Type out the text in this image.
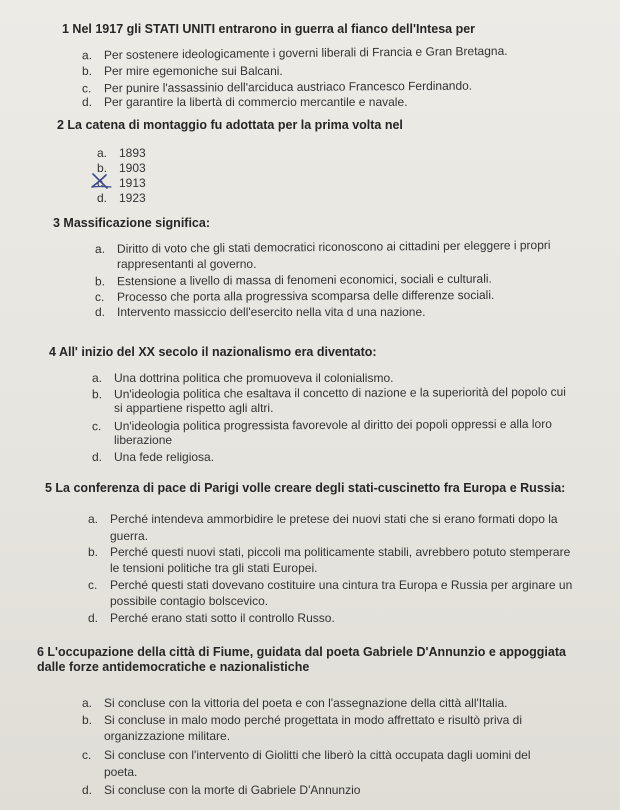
1 Nel 1917 gli STATI UNITI entrarono in guerra al fianco dell'Intesa per
a. Per sostenere ideologicamente i governi liberali di Francia e Gran Bretagna.
b. Per mire egemoniche sui Balcani.
c. Per punire l'assassinio dell'arciduca austriaco Francesco Ferdinando.
d. Per garantire la libertà di commercio mercantile e navale.
2 La catena di montaggio fu adottata per la prima volta nel
a. 1893
b. 1903
c. 1913
d. 1923
3 Massificazione significa:
a. Diritto di voto che gli stati democratici riconoscono ai cittadini per eleggere i propri
rappresentanti al governo.
b. Estensione a livello di massa di fenomeni economici, sociali e culturali.
c. Processo che porta alla progressiva scomparsa delle differenze sociali.
d. Intervento massiccio dell'esercito nella vita d una nazione.
4 All' inizio del XX secolo il nazionalismo era diventato:
a. Una dottrina politica che promuoveva il colonialismo.
b. Un'ideologia politica che esaltava il concetto di nazione e la superiorità del popolo cui
si appartiene rispetto agli altri.
c. Un'ideologia politica progressista favorevole al diritto dei popoli oppressi e alla loro
liberazione
d. Una fede religiosa.
5 La conferenza di pace di Parigi volle creare degli stati-cuscinetto fra Europa e Russia:
a. Perché intendeva ammorbidire le pretese dei nuovi stati che si erano formati dopo la
guerra.
b. Perché questi nuovi stati, piccoli ma politicamente stabili, avrebbero potuto stemperare
le tensioni politiche tra gli stati Europei.
c. Perché questi stati dovevano costituire una cintura tra Europa e Russia per arginare un
possibile contagio bolscevico.
d. Perché erano stati sotto il controllo Russo.
6 L'occupazione della città di Fiume, guidata dal poeta Gabriele D'Annunzio e appoggiata
dalle forze antidemocratiche e nazionalistiche
a. Si concluse con la vittoria del poeta e con l'assegnazione della città all'Italia.
b. Si concluse in malo modo perché progettata in modo affrettato e risultò priva di
organizzazione militare.
c. Si concluse con l'intervento di Giolitti che liberò la città occupata dagli uomini del
poeta.
d. Si concluse con la morte di Gabriele D'Annunzio
